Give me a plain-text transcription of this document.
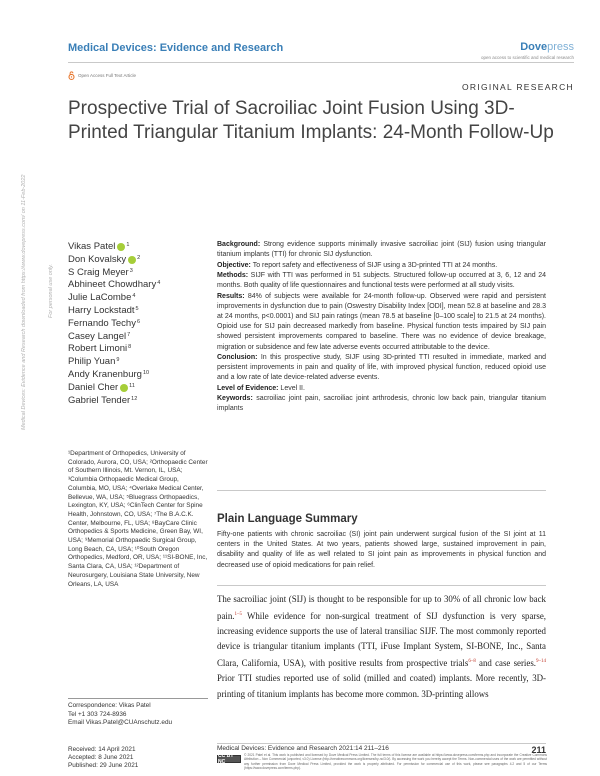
Medical Devices: Evidence and Research	Dovepress
open access to scientific and medical research
Open Access Full Text Article
ORIGINAL RESEARCH
Prospective Trial of Sacroiliac Joint Fusion Using 3D-Printed Triangular Titanium Implants: 24-Month Follow-Up
Medical Devices: Evidence and Research downloaded from https://www.dovepress.com/ on 11-Feb-2022	For personal use only.
Vikas Patel $^1$
Don Kovalsky $^2$
S Craig Meyer$^3$
Abhineet Chowdhary$^4$
Julie LaCombe$^4$
Harry Lockstadt$^5$
Fernando Techy$^6$
Casey Langel$^7$
Robert Limoni$^8$
Philip Yuan$^9$
Andy Kranenburg$^{10}$
Daniel Cher $^{11}$
Gabriel Tender$^{12}$
¹Department of Orthopedics, University of Colorado, Aurora, CO, USA; ²Orthopaedic Center of Southern Illinois, Mt. Vernon, IL, USA; ³Columbia Orthopaedic Medical Group, Columbia, MO, USA; ⁴Overlake Medical Center, Bellevue, WA, USA; ⁵Bluegrass Orthopaedics, Lexington, KY, USA; ⁶ClinTech Center for Spine Health, Johnstown, CO, USA; ⁷The B.A.C.K. Center, Melbourne, FL, USA; ⁸BayCare Clinic Orthopedics & Sports Medicine, Green Bay, WI, USA; ⁹Memorial Orthopaedic Surgical Group, Long Beach, CA, USA; ¹⁰South Oregon Orthopedics, Medford, OR, USA; ¹¹SI-BONE, Inc, Santa Clara, CA, USA; ¹²Department of Neurosurgery, Louisiana State University, New Orleans, LA, USA
Correspondence: Vikas Patel
Tel +1 303 724-8936
Email Vikas.Patel@CUAnschutz.edu
Received: 14 April 2021
Accepted: 8 June 2021
Published: 29 June 2021

Background: Strong evidence supports minimally invasive sacroiliac joint (SIJ) fusion using triangular titanium implants (TTI) for chronic SIJ dysfunction.

Objective: To report safety and effectiveness of SIJF using a 3D-printed TTI at 24 months.

Methods: SIJF with TTI was performed in 51 subjects. Structured follow-up occurred at 3, 6, 12 and 24 months. Both quality of life questionnaires and functional tests were performed at all study visits.

Results: 84% of subjects were available for 24-month follow-up. Observed were rapid and persistent improvements in dysfunction due to pain (Oswestry Disability Index [ODI], mean 52.8 at baseline and 28.3 at 24 months, p<0.0001) and SIJ pain ratings (mean 78.5 at baseline [0–100 scale] to 21.5 at 24 months). Opioid use for SIJ pain decreased markedly from baseline. Physical function tests impaired by SIJ pain showed persistent improvements compared to baseline. There was no evidence of device breakage, migration or subsidence and few late adverse events occurred attributable to the device.

Conclusion: In this prospective study, SIJF using 3D-printed TTI resulted in immediate, marked and persistent improvements in pain and quality of life, with improved physical function, reduced opioid use and a low rate of late device-related adverse events.

Level of Evidence: Level II.

Keywords: sacroiliac joint pain, sacroiliac joint arthrodesis, chronic low back pain, triangular titanium implants

Plain Language Summary

Fifty-one patients with chronic sacroiliac (SI) joint pain underwent surgical fusion of the SI joint at 11 centers in the United States. At two years, patients showed large, sustained improvement in pain, disability and quality of life as well related to SI joint pain as improvements in physical function and decreased use of opioid medications for pain relief.

The sacroiliac joint (SIJ) is thought to be responsible for up to 30% of all chronic low back pain.$^{1-5}$ While evidence for non-surgical treatment of SIJ dysfunction is very sparse, increasing evidence supports the use of lateral transiliac SIJF. The most commonly reported device is triangular titanium implants (TTI, iFuse Implant System, SI-BONE, Inc., Santa Clara, California, USA), with positive results from prospective trials$^{6-8}$ and case series.$^{9-14}$ Prior TTI studies reported use of solid (milled and coated) implants. More recently, 3D-printing of titanium implants has become more common. 3D-printing allows

Medical Devices: Evidence and Research 2021:14 211–216	211
CC BY NC
© 2021 Patel et al. This work is published and licensed by Dove Medical Press Limited. The full terms of this license are available at https://www.dovepress.com/terms.php and incorporate the Creative Commons Attribution – Non Commercial (unported, v3.0) License (http://creativecommons.org/licenses/by-nc/3.0/). By accessing the work you hereby accept the Terms. Non-commercial uses of the work are permitted without any further permission from Dove Medical Press Limited, provided the work is properly attributed. For permission for commercial use of this work, please see paragraphs 4.2 and 5 of our Terms (https://www.dovepress.com/terms.php).
